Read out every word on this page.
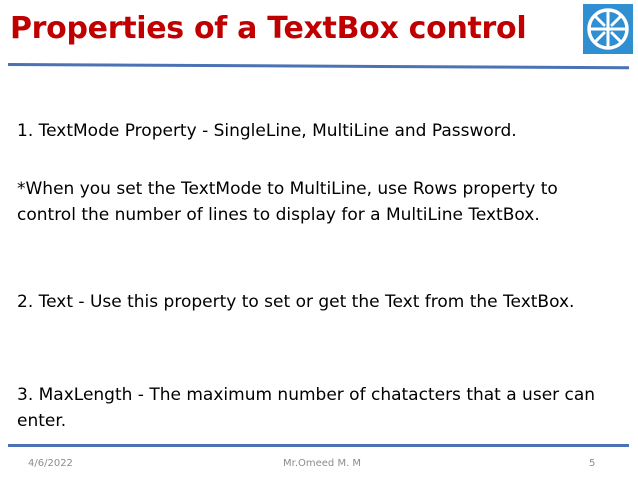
Properties of a TextBox control

1. TextMode Property - SingleLine, MultiLine and Password.

*When you set the TextMode to MultiLine, use Rows property to control the number of lines to display for a MultiLine TextBox.

2. Text - Use this property to set or get the Text from the TextBox.

3. MaxLength - The maximum number of chatacters that a user can enter.

4/6/2022	Mr.Omeed M. M	5
